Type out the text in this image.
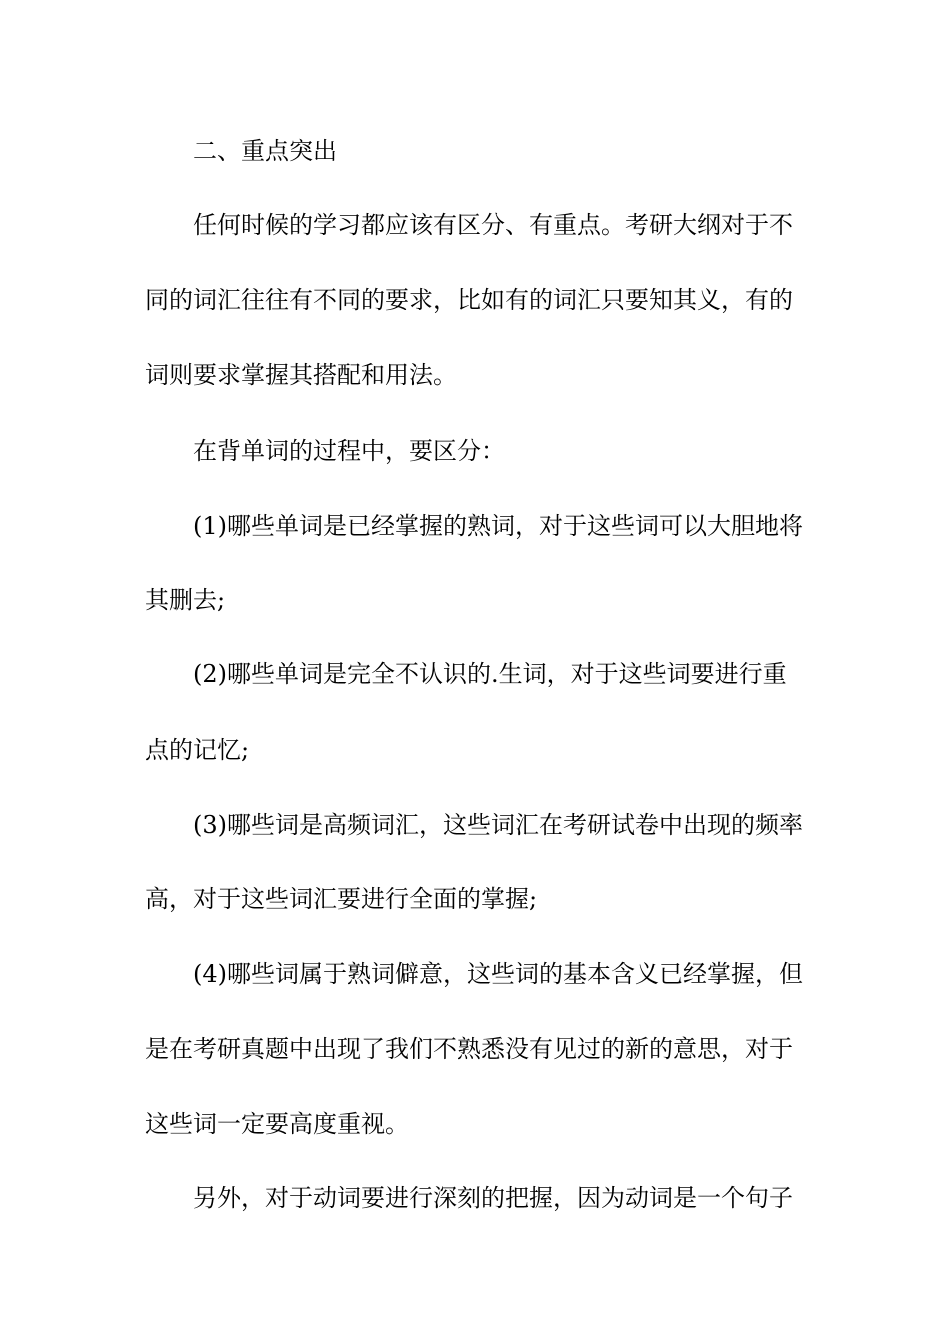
二、重点突出
任何时候的学习都应该有区分、有重点。考研大纲对于不
同的词汇往往有不同的要求，比如有的词汇只要知其义，有的
词则要求掌握其搭配和用法。
在背单词的过程中，要区分：
(1)哪些单词是已经掌握的熟词，对于这些词可以大胆地将
其删去;
(2)哪些单词是完全不认识的.生词，对于这些词要进行重
点的记忆;
(3)哪些词是高频词汇，这些词汇在考研试卷中出现的频率
高，对于这些词汇要进行全面的掌握;
(4)哪些词属于熟词僻意，这些词的基本含义已经掌握，但
是在考研真题中出现了我们不熟悉没有见过的新的意思，对于
这些词一定要高度重视。
另外，对于动词要进行深刻的把握，因为动词是一个句子
